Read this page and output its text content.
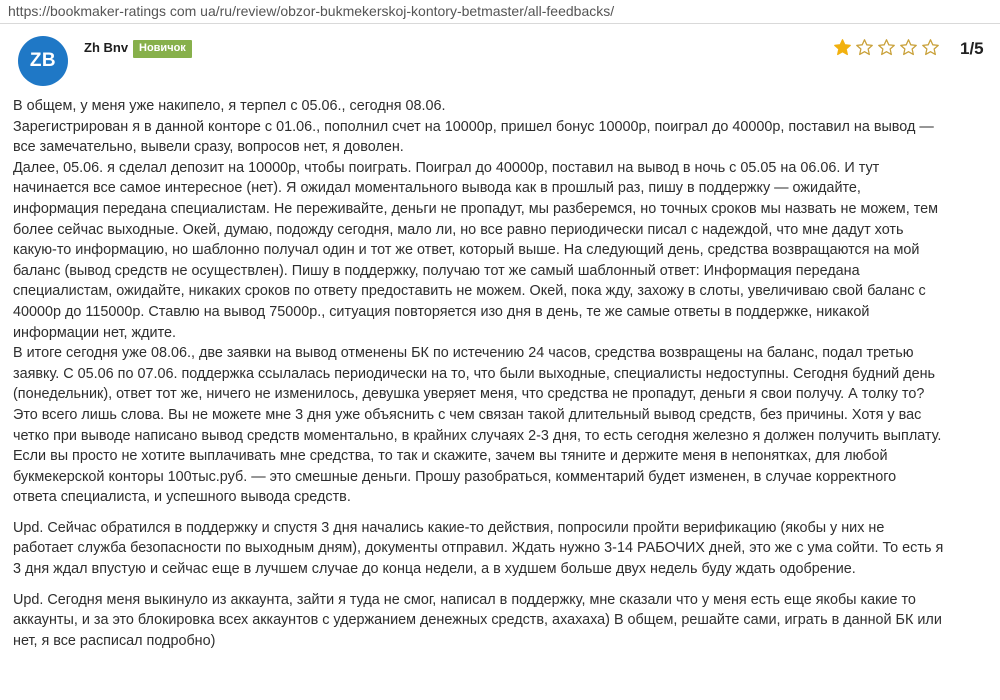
https://bookmaker-ratings com ua/ru/review/obzor-bukmekerskoj-kontory-betmaster/all-feedbacks/
ZB
Zh Bnv Новичок	1/5

В общем, у меня уже накипело, я терпел с 05.06., сегодня 08.06.

Зарегистрирован я в данной конторе с 01.06., пополнил счет на 10000р, пришел бонус 10000р, поиграл до 40000р, поставил на вывод —

все замечательно, вывели сразу, вопросов нет, я доволен.

Далее, 05.06. я сделал депозит на 10000р, чтобы поиграть. Поиграл до 40000р, поставил на вывод в ночь с 05.05 на 06.06. И тут

начинается все самое интересное (нет). Я ожидал моментального вывода как в прошлый раз, пишу в поддержку — ожидайте,

информация передана специалистам. Не переживайте, деньги не пропадут, мы разберемся, но точных сроков мы назвать не можем, тем

более сейчас выходные. Окей, думаю, подожду сегодня, мало ли, но все равно периодически писал с надеждой, что мне дадут хоть

какую-то информацию, но шаблонно получал один и тот же ответ, который выше. На следующий день, средства возвращаются на мой

баланс (вывод средств не осуществлен). Пишу в поддержку, получаю тот же самый шаблонный ответ: Информация передана

специалистам, ожидайте, никаких сроков по ответу предоставить не можем. Окей, пока жду, захожу в слоты, увеличиваю свой баланс с

40000р до 115000р. Ставлю на вывод 75000р., ситуация повторяется изо дня в день, те же самые ответы в поддержке, никакой

информации нет, ждите.

В итоге сегодня уже 08.06., две заявки на вывод отменены БК по истечению 24 часов, средства возвращены на баланс, подал третью

заявку. С 05.06 по 07.06. поддержка ссылалась периодически на то, что были выходные, специалисты недоступны. Сегодня будний день

(понедельник), ответ тот же, ничего не изменилось, девушка уверяет меня, что средства не пропадут, деньги я свои получу. А толку то?

Это всего лишь слова. Вы не можете мне 3 дня уже объяснить с чем связан такой длительный вывод средств, без причины. Хотя у вас

четко при выводе написано вывод средств моментально, в крайних случаях 2-3 дня, то есть сегодня железно я должен получить выплату.

Если вы просто не хотите выплачивать мне средства, то так и скажите, зачем вы тяните и держите меня в непонятках, для любой

букмекерской конторы 100тыс.руб. — это смешные деньги. Прошу разобраться, комментарий будет изменен, в случае корректного

ответа специалиста, и успешного вывода средств.

Upd. Сейчас обратился в поддержку и спустя 3 дня начались какие-то действия, попросили пройти верификацию (якобы у них не

работает служба безопасности по выходным дням), документы отправил. Ждать нужно 3-14 РАБОЧИХ дней, это же с ума сойти. То есть я

3 дня ждал впустую и сейчас еще в лучшем случае до конца недели, а в худшем больше двух недель буду ждать одобрение.

Upd. Сегодня меня выкинуло из аккаунта, зайти я туда не смог, написал в поддержку, мне сказали что у меня есть еще якобы какие то

аккаунты, и за это блокировка всех аккаунтов с удержанием денежных средств, ахахаха) В общем, решайте сами, играть в данной БК или

нет, я все расписал подробно)
